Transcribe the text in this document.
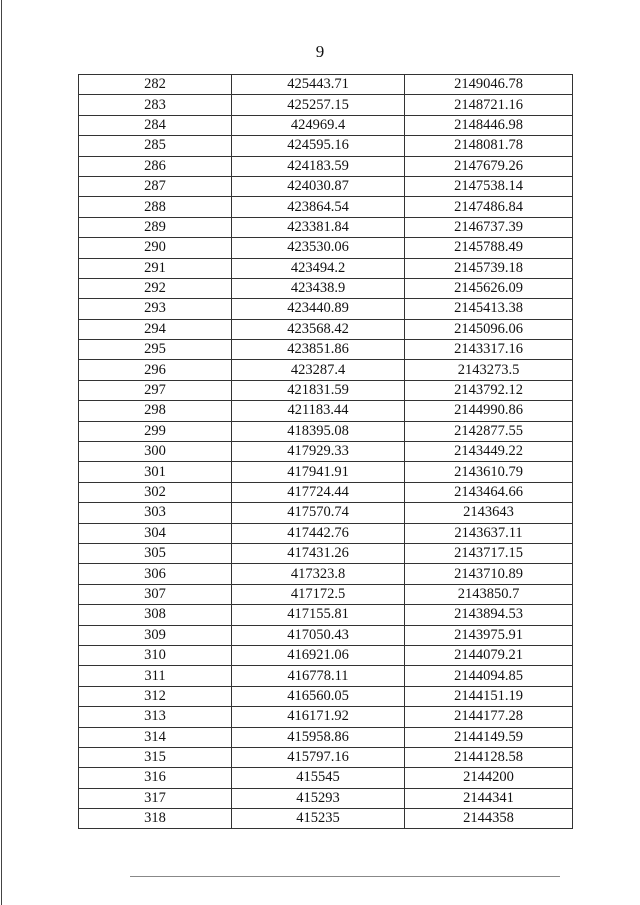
9
282	425443.71	2149046.78
283	425257.15	2148721.16
284	424969.4	2148446.98
285	424595.16	2148081.78
286	424183.59	2147679.26
287	424030.87	2147538.14
288	423864.54	2147486.84
289	423381.84	2146737.39
290	423530.06	2145788.49
291	423494.2	2145739.18
292	423438.9	2145626.09
293	423440.89	2145413.38
294	423568.42	2145096.06
295	423851.86	2143317.16
296	423287.4	2143273.5
297	421831.59	2143792.12
298	421183.44	2144990.86
299	418395.08	2142877.55
300	417929.33	2143449.22
301	417941.91	2143610.79
302	417724.44	2143464.66
303	417570.74	2143643
304	417442.76	2143637.11
305	417431.26	2143717.15
306	417323.8	2143710.89
307	417172.5	2143850.7
308	417155.81	2143894.53
309	417050.43	2143975.91
310	416921.06	2144079.21
311	416778.11	2144094.85
312	416560.05	2144151.19
313	416171.92	2144177.28
314	415958.86	2144149.59
315	415797.16	2144128.58
316	415545	2144200
317	415293	2144341
318	415235	2144358
